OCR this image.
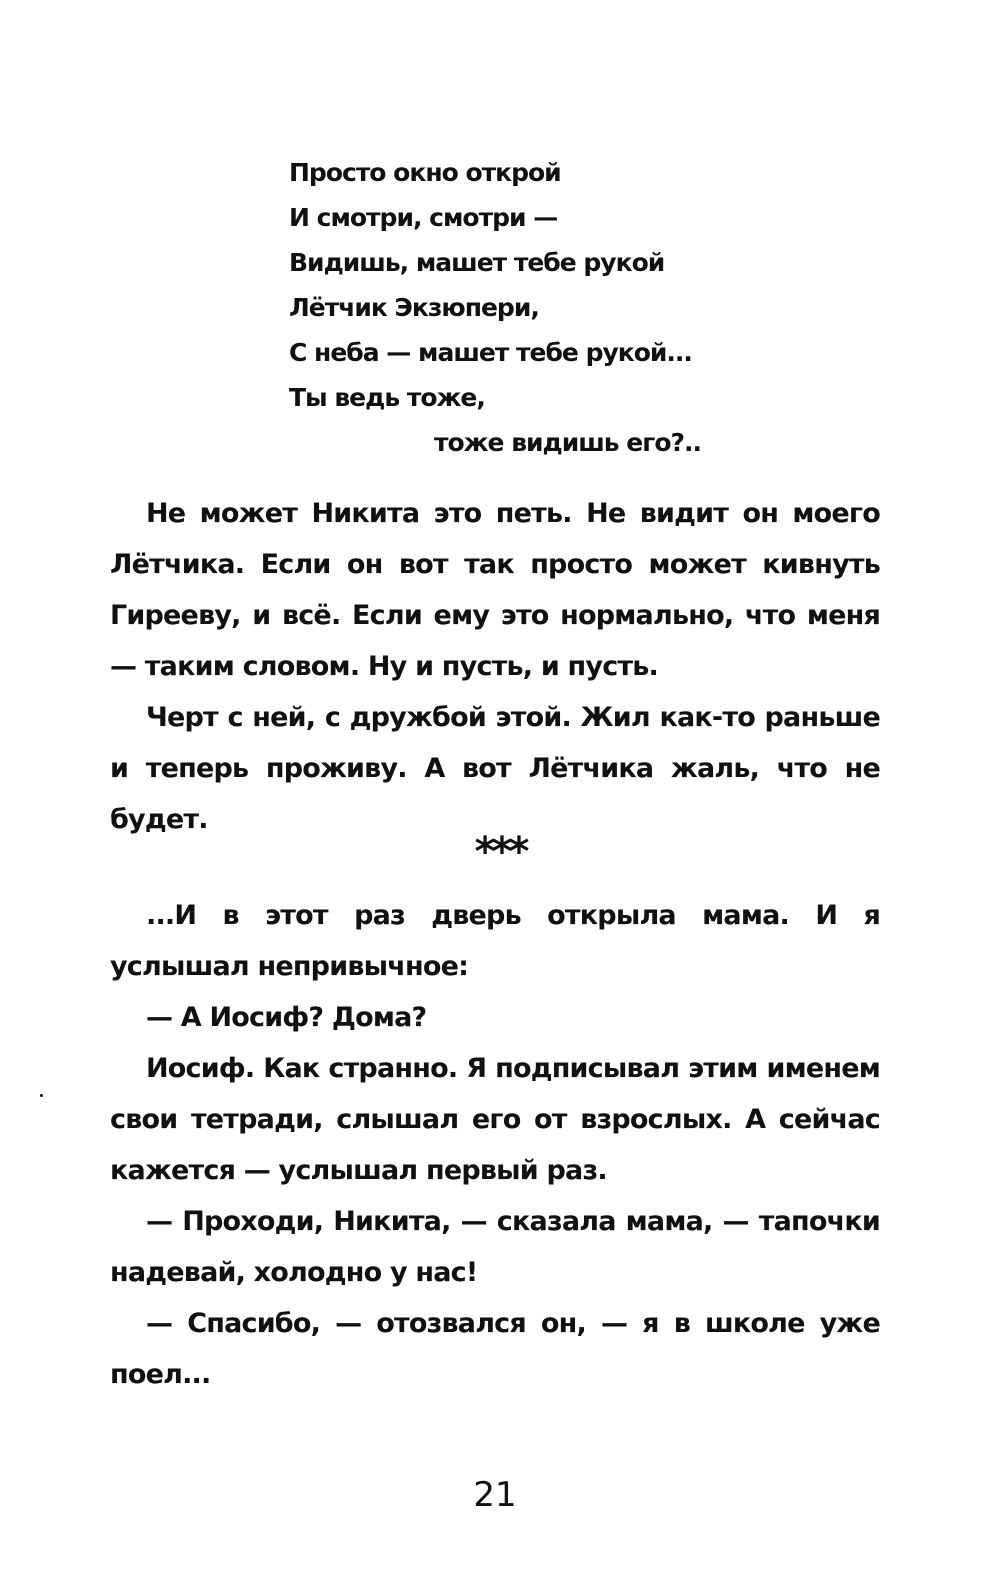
Просто окно открой
И смотри, смотри —
Видишь, машет тебе рукой
Лётчик Экзюпери,
С неба — машет тебе рукой...
Ты ведь тоже,
тоже видишь его?..

Не может Никита это петь. Не видит он моего Лётчика. Если он вот так просто может кивнуть Гирееву, и всё. Если ему это нормально, что меня — таким словом. Ну и пусть, и пусть.

Черт с ней, с дружбой этой. Жил как-то раньше и теперь проживу. А вот Лётчика жаль, что не будет.

***

...И в этот раз дверь открыла мама. И я услышал непривычное:

— А Иосиф? Дома?

Иосиф. Как странно. Я подписывал этим именем свои тетради, слышал его от взрослых. А сейчас кажется — услышал первый раз.

— Проходи, Никита, — сказала мама, — тапочки надевай, холодно у нас!

— Спасибо, — отозвался он, — я в школе уже поел...

21
